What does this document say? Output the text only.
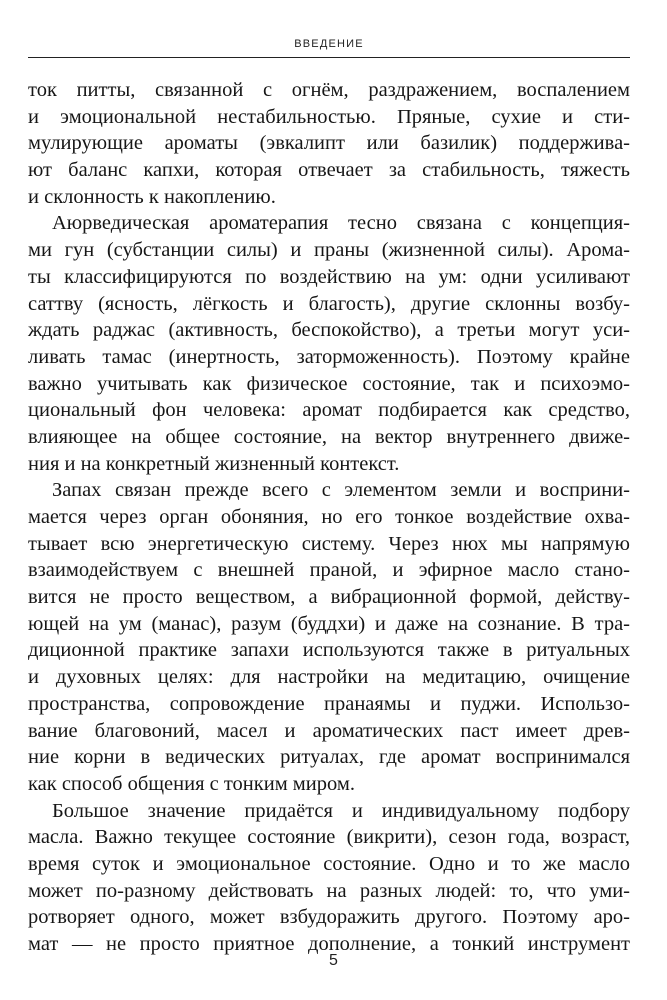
ВВЕДЕНИЕ
ток питты, связанной с огнём, раздражением, воспалением
и эмоциональной нестабильностью. Пряные, сухие и сти-
мулирующие ароматы (эвкалипт или базилик) поддержива-
ют баланс капхи, которая отвечает за стабильность, тяжесть
и склонность к накоплению.
Аюрведическая ароматерапия тесно связана с концепция-
ми гун (субстанции силы) и праны (жизненной силы). Арома-
ты классифицируются по воздействию на ум: одни усиливают
саттву (ясность, лёгкость и благость), другие склонны возбу-
ждать раджас (активность, беспокойство), а третьи могут уси-
ливать тамас (инертность, заторможенность). Поэтому крайне
важно учитывать как физическое состояние, так и психоэмо-
циональный фон человека: аромат подбирается как средство,
влияющее на общее состояние, на вектор внутреннего движе-
ния и на конкретный жизненный контекст.
Запах связан прежде всего с элементом земли и восприни-
мается через орган обоняния, но его тонкое воздействие охва-
тывает всю энергетическую систему. Через нюх мы напрямую
взаимодействуем с внешней праной, и эфирное масло стано-
вится не просто веществом, а вибрационной формой, действу-
ющей на ум (манас), разум (буддхи) и даже на сознание. В тра-
диционной практике запахи используются также в ритуальных
и духовных целях: для настройки на медитацию, очищение
пространства, сопровождение пранаямы и пуджи. Использо-
вание благовоний, масел и ароматических паст имеет древ-
ние корни в ведических ритуалах, где аромат воспринимался
как способ общения с тонким миром.
Большое значение придаётся и индивидуальному подбору
масла. Важно текущее состояние (викрити), сезон года, возраст,
время суток и эмоциональное состояние. Одно и то же масло
может по-разному действовать на разных людей: то, что уми-
ротворяет одного, может взбудоражить другого. Поэтому аро-
мат — не просто приятное дополнение, а тонкий инструмент
5
